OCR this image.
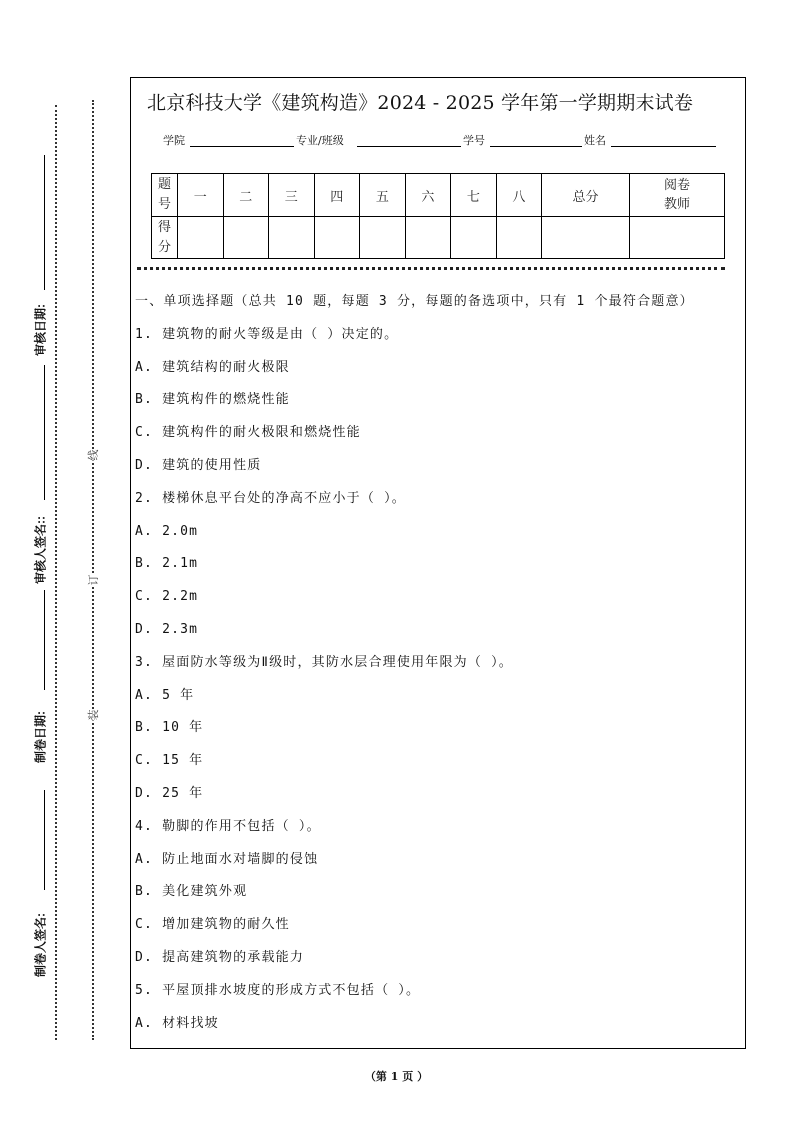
审核日期:
审核人签名::
制卷日期:
制卷人签名:
线
订
装
北京科技大学《建筑构造》2024 - 2025 学年第一学期期末试卷
学院	专业/班级	学号	姓名
题
号	一	二	三	四	五	六	七	八	总分	阅卷教师
得
分										
一、单项选择题（总共 10 题，每题 3 分，每题的备选项中，只有 1 个最符合题意）
1. 建筑物的耐火等级是由（ ）决定的。
A. 建筑结构的耐火极限
B. 建筑构件的燃烧性能
C. 建筑构件的耐火极限和燃烧性能
D. 建筑的使用性质
2. 楼梯休息平台处的净高不应小于（ ）。
A. 2.0m
B. 2.1m
C. 2.2m
D. 2.3m
3. 屋面防水等级为Ⅱ级时，其防水层合理使用年限为（ ）。
A. 5 年
B. 10 年
C. 15 年
D. 25 年
4. 勒脚的作用不包括（ ）。
A. 防止地面水对墙脚的侵蚀
B. 美化建筑外观
C. 增加建筑物的耐久性
D. 提高建筑物的承载能力
5. 平屋顶排水坡度的形成方式不包括（ ）。
A. 材料找坡
（第 1 页 ）
